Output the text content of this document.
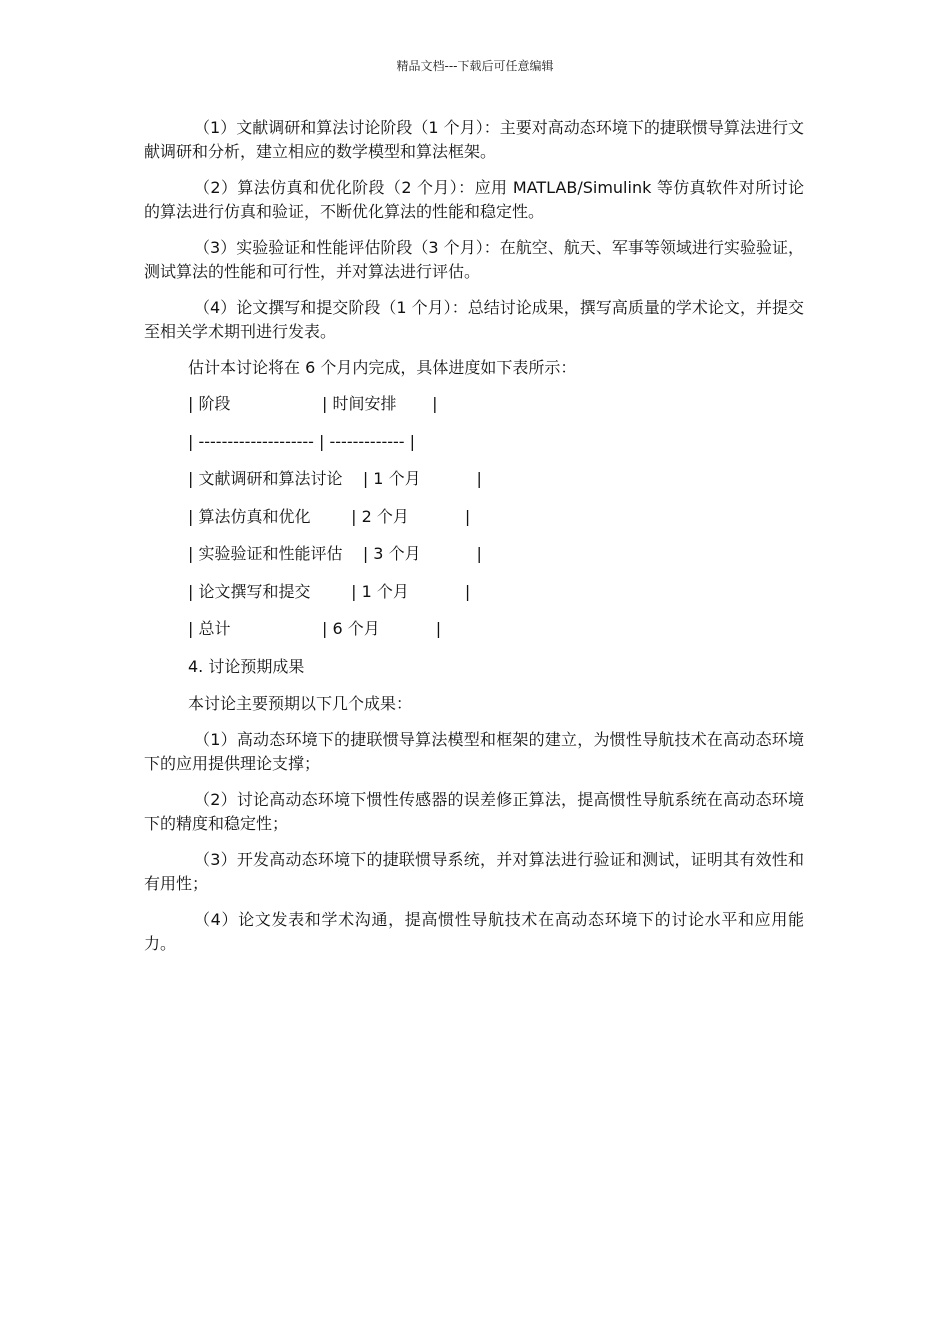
精品文档---下载后可任意编辑

（1）文献调研和算法讨论阶段（1 个月）：主要对高动态环境下的捷联惯导算法进行文献调研和分析，建立相应的数学模型和算法框架。

（2）算法仿真和优化阶段（2 个月）：应用 MATLAB/Simulink 等仿真软件对所讨论的算法进行仿真和验证，不断优化算法的性能和稳定性。

（3）实验验证和性能评估阶段（3 个月）：在航空、航天、军事等领域进行实验验证，测试算法的性能和可行性，并对算法进行评估。

（4）论文撰写和提交阶段（1 个月）：总结讨论成果，撰写高质量的学术论文，并提交至相关学术期刊进行发表。

估计本讨论将在 6 个月内完成，具体进度如下表所示：

| 阶段                  | 时间安排       |

| -------------------- | ------------- |

| 文献调研和算法讨论    | 1 个月           |

| 算法仿真和优化        | 2 个月           |

| 实验验证和性能评估    | 3 个月           |

| 论文撰写和提交        | 1 个月           |

| 总计                  | 6 个月           |

4. 讨论预期成果

本讨论主要预期以下几个成果：

（1）高动态环境下的捷联惯导算法模型和框架的建立，为惯性导航技术在高动态环境下的应用提供理论支撑；

（2）讨论高动态环境下惯性传感器的误差修正算法，提高惯性导航系统在高动态环境下的精度和稳定性；

（3）开发高动态环境下的捷联惯导系统，并对算法进行验证和测试，证明其有效性和有用性；

（4）论文发表和学术沟通，提高惯性导航技术在高动态环境下的讨论水平和应用能力。
